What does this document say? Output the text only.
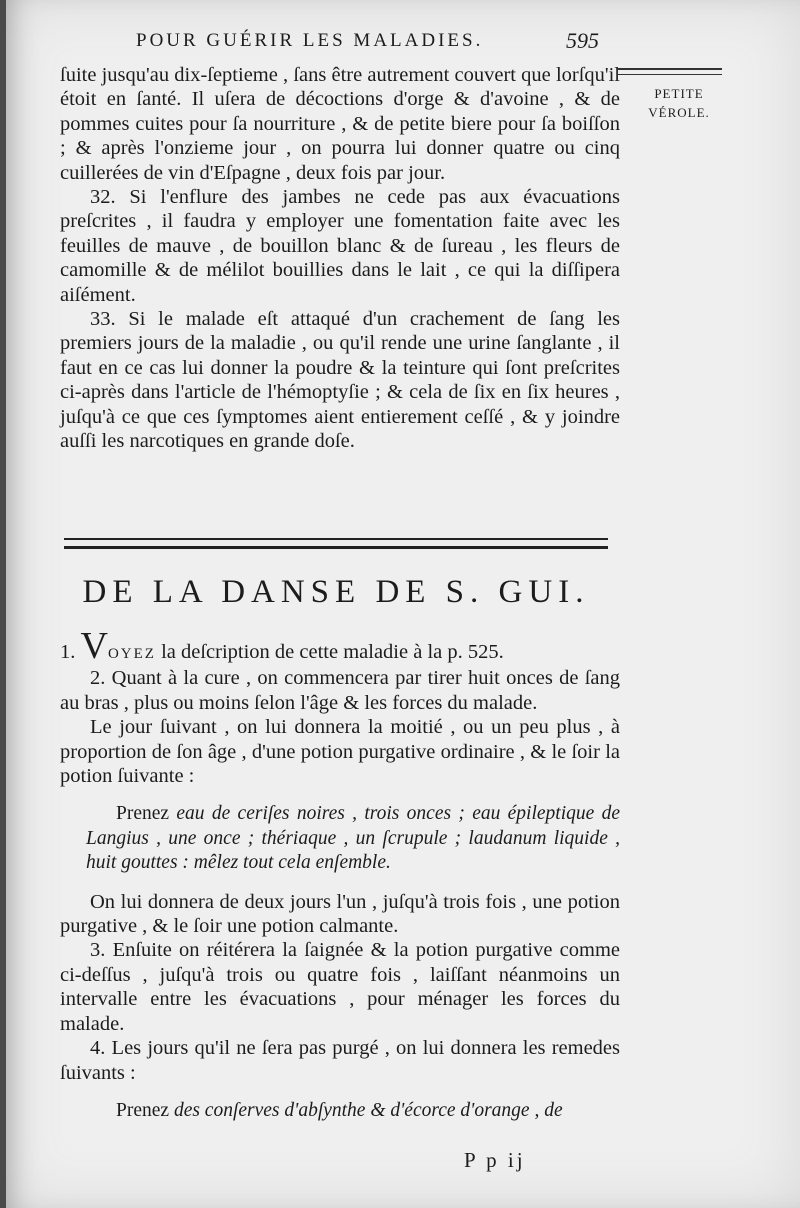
POUR GUÉRIR LES MALADIES.	595
PETITE
VÉROLE.

ſuite jusqu'au dix-ſeptieme , ſans être autrement couvert que lorſqu'il étoit en ſanté. Il uſera de décoctions d'orge & d'avoine , & de pommes cuites pour ſa nourriture , & de petite biere pour ſa boiſſon ; & après l'onzieme jour , on pourra lui donner quatre ou cinq cuillerées de vin d'Eſpagne , deux fois par jour.

32. Si l'enflure des jambes ne cede pas aux évacuations preſcrites , il faudra y employer une fomentation faite avec les feuilles de mauve , de bouillon blanc & de ſureau , les fleurs de camomille & de mélilot bouillies dans le lait , ce qui la diſſipera aiſément.

33. Si le malade eſt attaqué d'un crachement de ſang les premiers jours de la maladie , ou qu'il rende une urine ſanglante , il faut en ce cas lui donner la poudre & la teinture qui ſont preſcrites ci-après dans l'article de l'hémoptyſie ; & cela de ſix en ſix heures , juſqu'à ce que ces ſymptomes aient entierement ceſſé , & y joindre auſſi les narcotiques en grande doſe.

DE LA DANSE DE S. GUI.

1. VOYEZ la deſcription de cette maladie à la p. 525.

2. Quant à la cure , on commencera par tirer huit onces de ſang au bras , plus ou moins ſelon l'âge & les forces du malade.

Le jour ſuivant , on lui donnera la moitié , ou un peu plus , à proportion de ſon âge , d'une potion purgative ordinaire , & le ſoir la potion ſuivante :

Prenez eau de ceriſes noires , trois onces ; eau épileptique de Langius , une once ; thériaque , un ſcrupule ; laudanum liquide , huit gouttes : mêlez tout cela enſemble.

On lui donnera de deux jours l'un , juſqu'à trois fois , une potion purgative , & le ſoir une potion calmante.

3. Enſuite on réitérera la ſaignée & la potion purgative comme ci-deſſus , juſqu'à trois ou quatre fois , laiſſant néanmoins un intervalle entre les évacuations , pour ménager les forces du malade.

4. Les jours qu'il ne ſera pas purgé , on lui donnera les remedes ſuivants :

Prenez des conſerves d'abſynthe & d'écorce d'orange , de

P p ij
